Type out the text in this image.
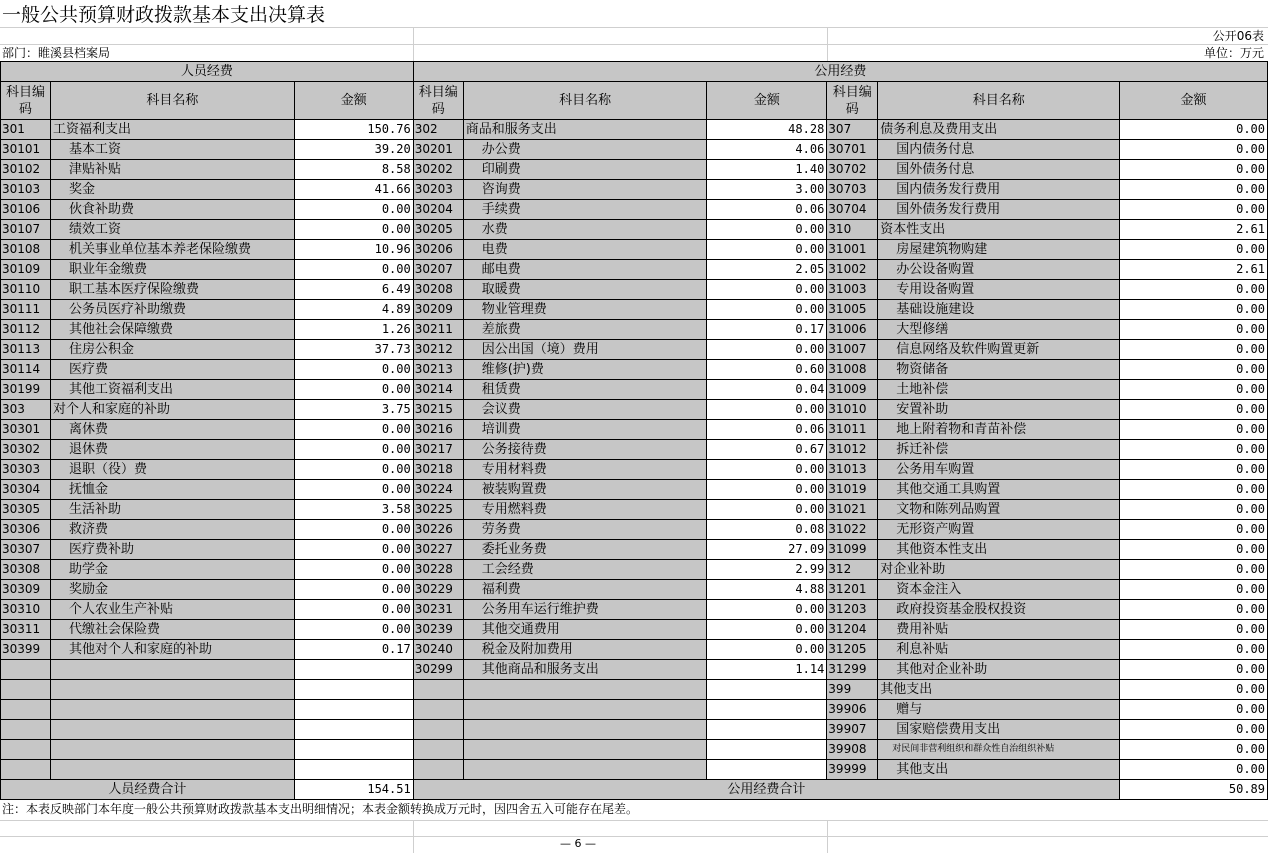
一般公共预算财政拨款基本支出决算表
公开06表
部门：睢溪县档案局	单位：万元
人员经费			公用经费					
科目编码	科目名称	金额	科目编码	科目名称	金额	科目编码	科目名称	金额
301	工资福利支出	150.76	302	商品和服务支出	48.28	307	债务利息及费用支出	0.00
30101	基本工资	39.20	30201	办公费	4.06	30701	国内债务付息	0.00
30102	津贴补贴	8.58	30202	印刷费	1.40	30702	国外债务付息	0.00
30103	奖金	41.66	30203	咨询费	3.00	30703	国内债务发行费用	0.00
30106	伙食补助费	0.00	30204	手续费	0.06	30704	国外债务发行费用	0.00
30107	绩效工资	0.00	30205	水费	0.00	310	资本性支出	2.61
30108	机关事业单位基本养老保险缴费	10.96	30206	电费	0.00	31001	房屋建筑物购建	0.00
30109	职业年金缴费	0.00	30207	邮电费	2.05	31002	办公设备购置	2.61
30110	职工基本医疗保险缴费	6.49	30208	取暖费	0.00	31003	专用设备购置	0.00
30111	公务员医疗补助缴费	4.89	30209	物业管理费	0.00	31005	基础设施建设	0.00
30112	其他社会保障缴费	1.26	30211	差旅费	0.17	31006	大型修缮	0.00
30113	住房公积金	37.73	30212	因公出国（境）费用	0.00	31007	信息网络及软件购置更新	0.00
30114	医疗费	0.00	30213	维修(护)费	0.60	31008	物资储备	0.00
30199	其他工资福利支出	0.00	30214	租赁费	0.04	31009	土地补偿	0.00
303	对个人和家庭的补助	3.75	30215	会议费	0.00	31010	安置补助	0.00
30301	离休费	0.00	30216	培训费	0.06	31011	地上附着物和青苗补偿	0.00
30302	退休费	0.00	30217	公务接待费	0.67	31012	拆迁补偿	0.00
30303	退职（役）费	0.00	30218	专用材料费	0.00	31013	公务用车购置	0.00
30304	抚恤金	0.00	30224	被装购置费	0.00	31019	其他交通工具购置	0.00
30305	生活补助	3.58	30225	专用燃料费	0.00	31021	文物和陈列品购置	0.00
30306	救济费	0.00	30226	劳务费	0.08	31022	无形资产购置	0.00
30307	医疗费补助	0.00	30227	委托业务费	27.09	31099	其他资本性支出	0.00
30308	助学金	0.00	30228	工会经费	2.99	312	对企业补助	0.00
30309	奖励金	0.00	30229	福利费	4.88	31201	资本金注入	0.00
30310	个人农业生产补贴	0.00	30231	公务用车运行维护费	0.00	31203	政府投资基金股权投资	0.00
30311	代缴社会保险费	0.00	30239	其他交通费用	0.00	31204	费用补贴	0.00
30399	其他对个人和家庭的补助	0.17	30240	税金及附加费用	0.00	31205	利息补贴	0.00
			30299	其他商品和服务支出	1.14	31299	其他对企业补助	0.00
						399	其他支出	0.00
						39906	赠与	0.00
						39907	国家赔偿费用支出	0.00
						39908	对民间非营利组织和群众性自治组织补贴	0.00
						39999	其他支出	0.00
人员经费合计		154.51	公用经费合计					50.89
注：本表反映部门本年度一般公共预算财政拨款基本支出明细情况；本表金额转换成万元时，因四舍五入可能存在尾差。
— 6 —
